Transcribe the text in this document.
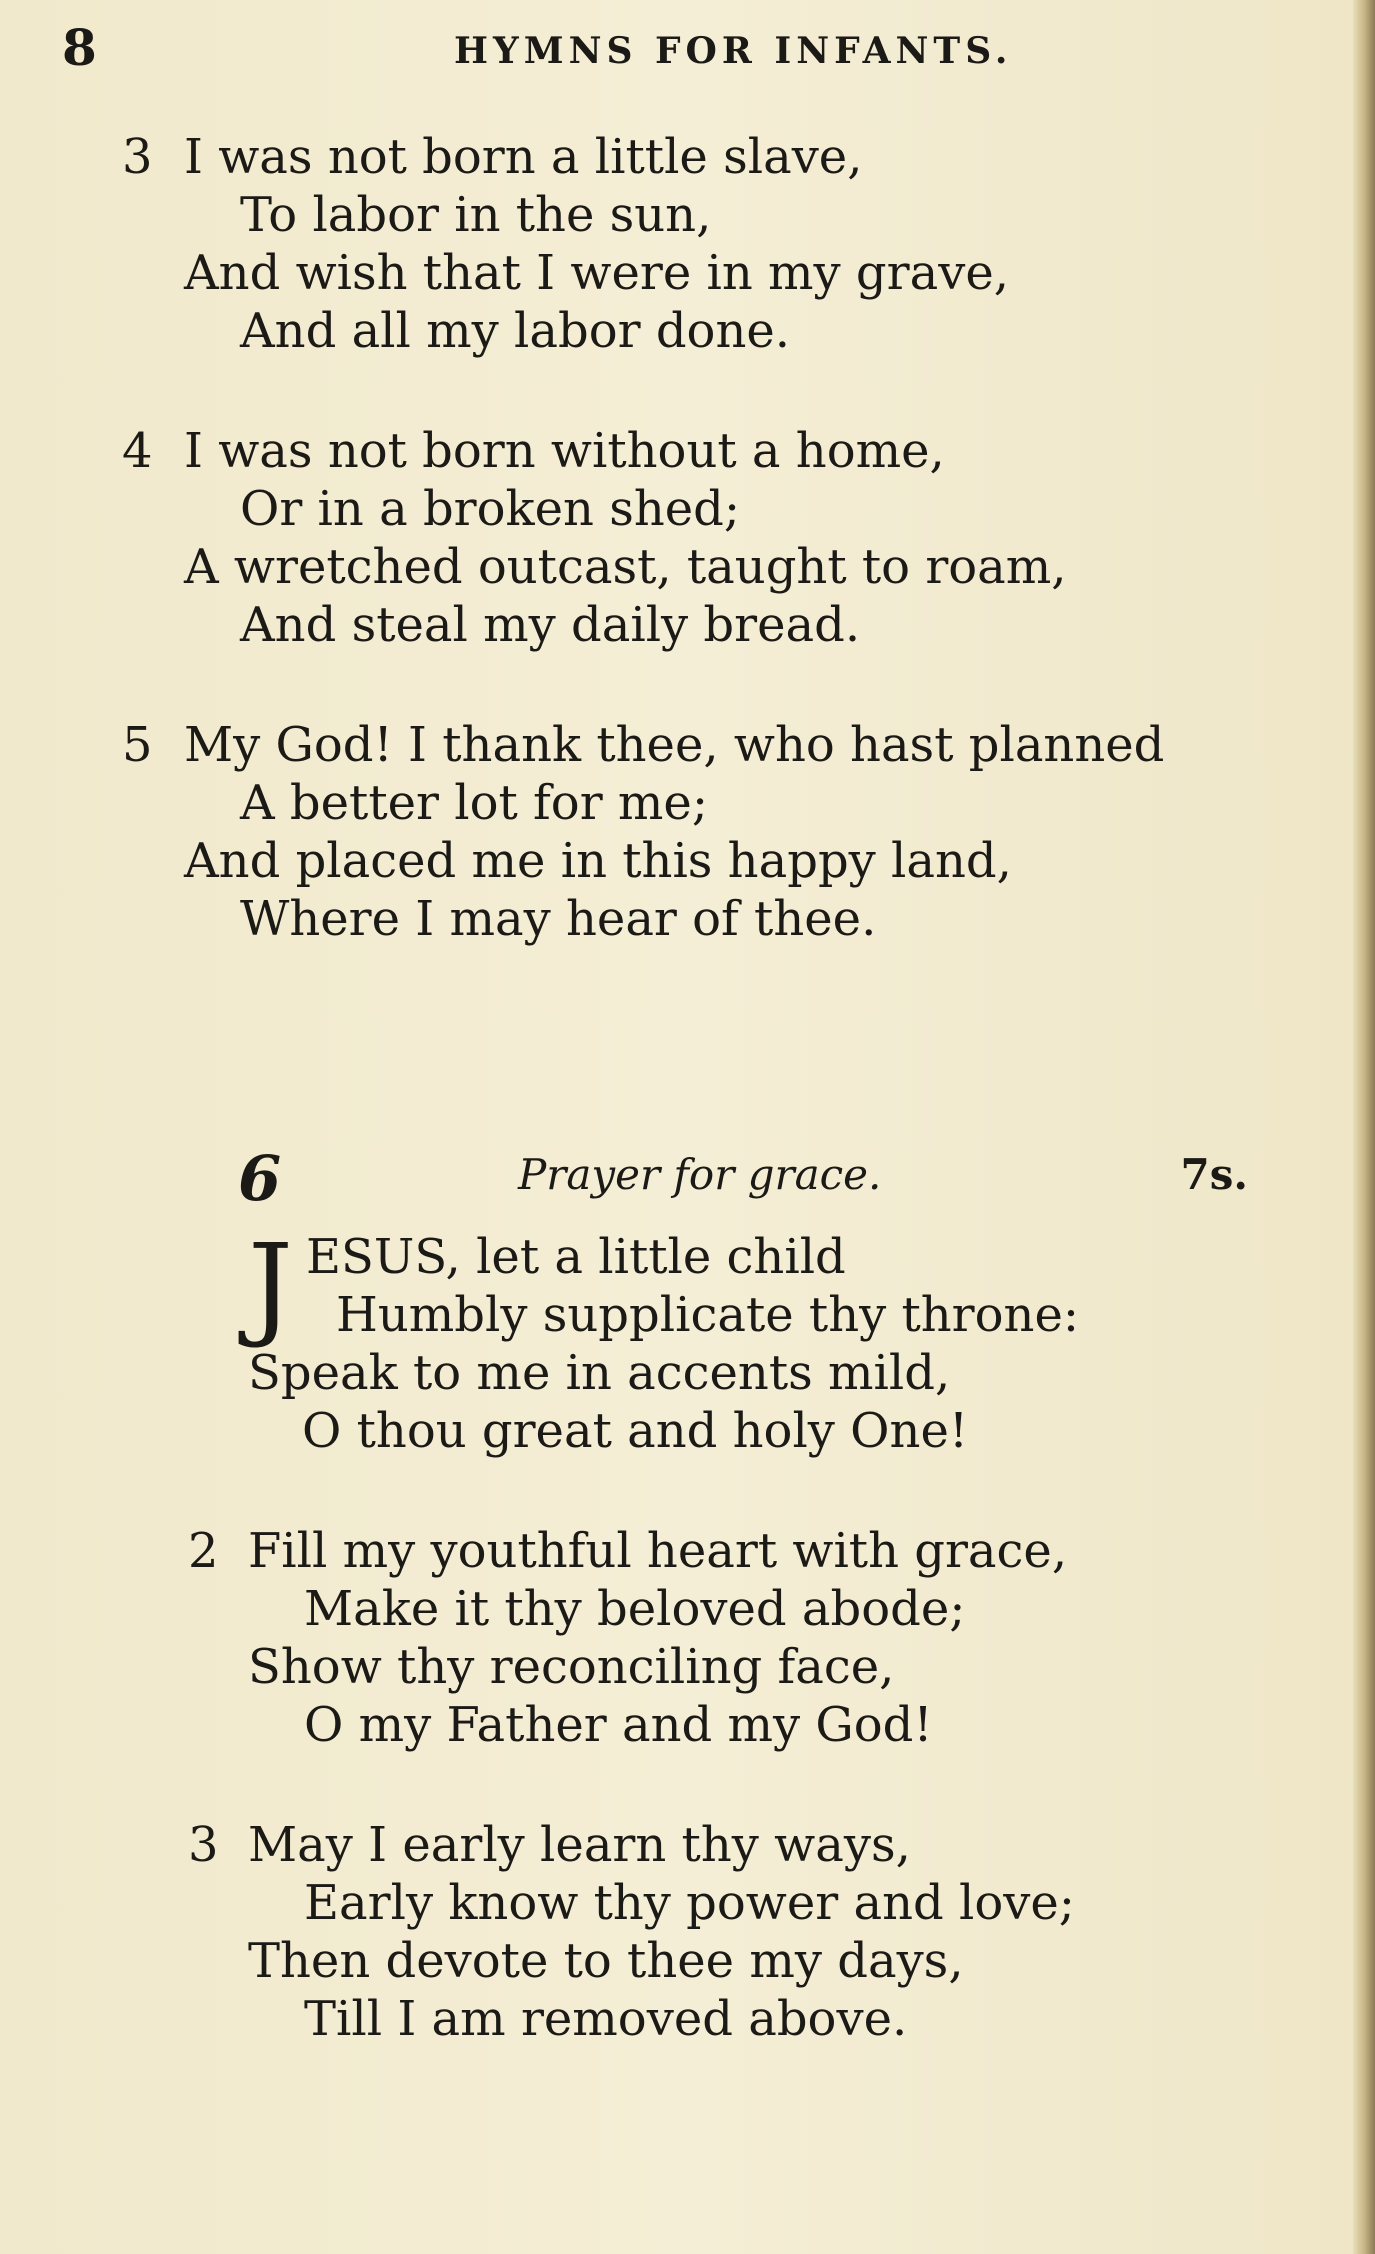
8	HYMNS FOR INFANTS.
3 I was not born a little slave,
To labor in the sun,
And wish that I were in my grave,
And all my labor done.
4 I was not born without a home,
Or in a broken shed;
A wretched outcast, taught to roam,
And steal my daily bread.
5 My God! I thank thee, who hast planned
A better lot for me;
And placed me in this happy land,
Where I may hear of thee.
6	Prayer for grace.	7s.
J ESUS, let a little child
Humbly supplicate thy throne:
Speak to me in accents mild,
O thou great and holy One!
2 Fill my youthful heart with grace,
Make it thy beloved abode;
Show thy reconciling face,
O my Father and my God!
3 May I early learn thy ways,
Early know thy power and love;
Then devote to thee my days,
Till I am removed above.
